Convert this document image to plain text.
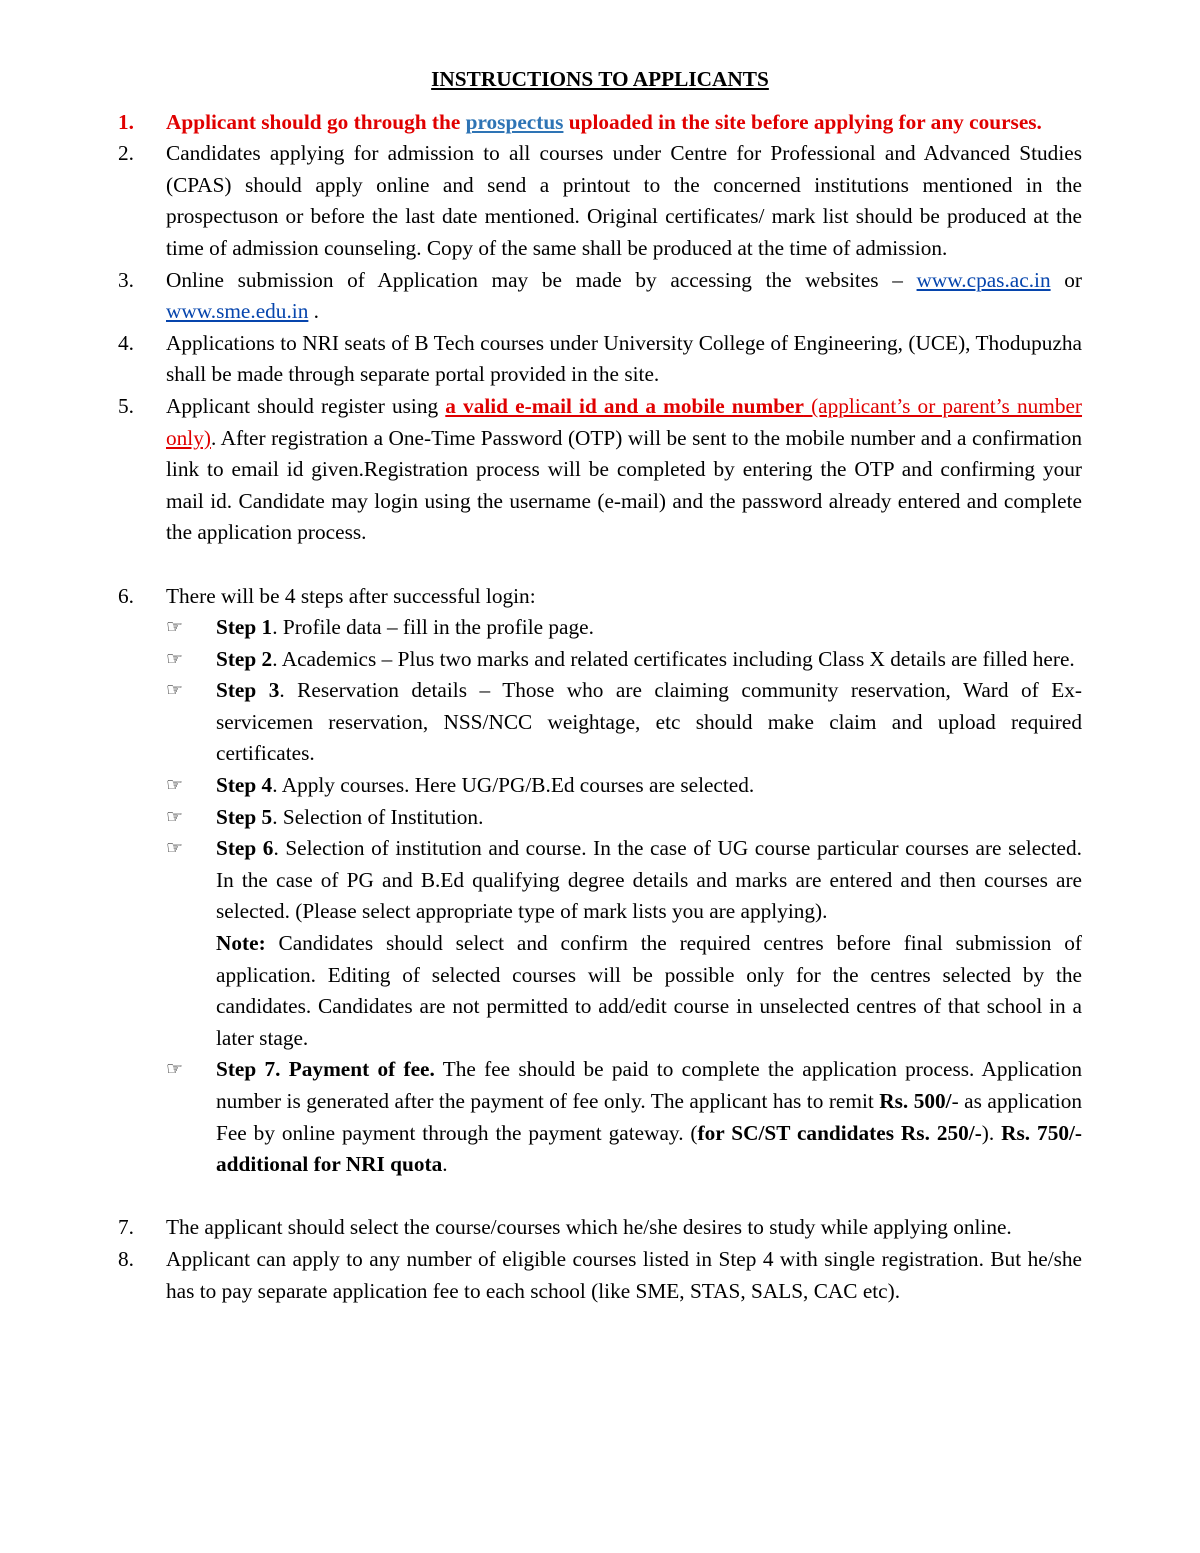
INSTRUCTIONS TO APPLICANTS
1.	Applicant should go through the prospectus uploaded in the site before applying for any courses.
2.	Candidates applying for admission to all courses under Centre for Professional and Advanced Studies (CPAS) should apply online and send a printout to the concerned institutions mentioned in the prospectuson or before the last date mentioned. Original certificates/ mark list should be produced at the time of admission counseling. Copy of the same shall be produced at the time of admission.
3.	Online submission of Application may be made by accessing the websites – www.cpas.ac.in or www.sme.edu.in .
4.	Applications to NRI seats of B Tech courses under University College of Engineering, (UCE), Thodupuzha shall be made through separate portal provided in the site.
5.	Applicant should register using a valid e-mail id and a mobile number (applicant’s or parent’s number only). After registration a One-Time Password (OTP) will be sent to the mobile number and a confirmation link to email id given.Registration process will be completed by entering the OTP and confirming your mail id. Candidate may login using the username (e-mail) and the password already entered and complete the application process.
6.	There will be 4 steps after successful login:
☞	Step 1. Profile data – fill in the profile page.
☞	Step 2. Academics – Plus two marks and related certificates including Class X details are filled here.
☞	Step 3. Reservation details – Those who are claiming community reservation, Ward of Ex-servicemen reservation, NSS/NCC weightage, etc should make claim and upload required certificates.
☞	Step 4. Apply courses. Here UG/PG/B.Ed courses are selected.
☞	Step 5. Selection of Institution.
☞	Step 6. Selection of institution and course. In the case of UG course particular courses are selected. In the case of PG and B.Ed qualifying degree details and marks are entered and then courses are selected. (Please select appropriate type of mark lists you are applying).
Note: Candidates should select and confirm the required centres before final submission of application. Editing of selected courses will be possible only for the centres selected by the candidates. Candidates are not permitted to add/edit course in unselected centres of that school in a later stage.
☞	Step 7. Payment of fee. The fee should be paid to complete the application process. Application number is generated after the payment of fee only. The applicant has to remit Rs. 500/- as application Fee by online payment through the payment gateway. (for SC/ST candidates Rs. 250/-). Rs. 750/- additional for NRI quota.
7.	The applicant should select the course/courses which he/she desires to study while applying online.
8.	Applicant can apply to any number of eligible courses listed in Step 4 with single registration. But he/she has to pay separate application fee to each school (like SME, STAS, SALS, CAC etc).
